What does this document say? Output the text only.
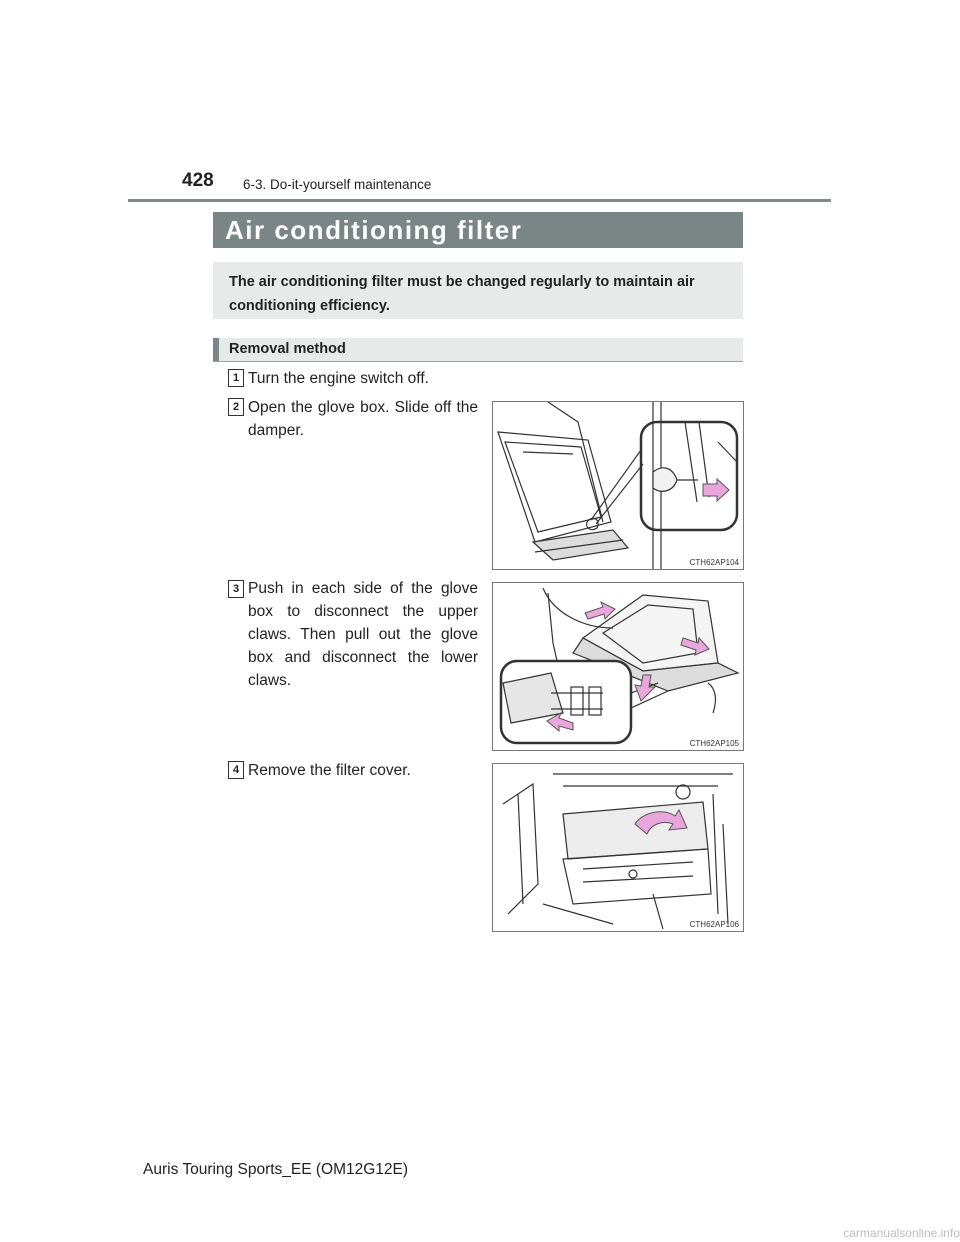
428 6-3. Do-it-yourself maintenance
Air conditioning filter
The air conditioning filter must be changed regularly to maintain air conditioning efficiency.
Removal method
1 Turn the engine switch off.
2 Open the glove box. Slide off the damper.
CTH62AP104
3 Push in each side of the glove box to disconnect the upper claws. Then pull out the glove box and disconnect the lower claws.
CTH62AP105
4 Remove the filter cover.
CTH62AP106
Auris Touring Sports_EE (OM12G12E)
carmanualsonline.info
